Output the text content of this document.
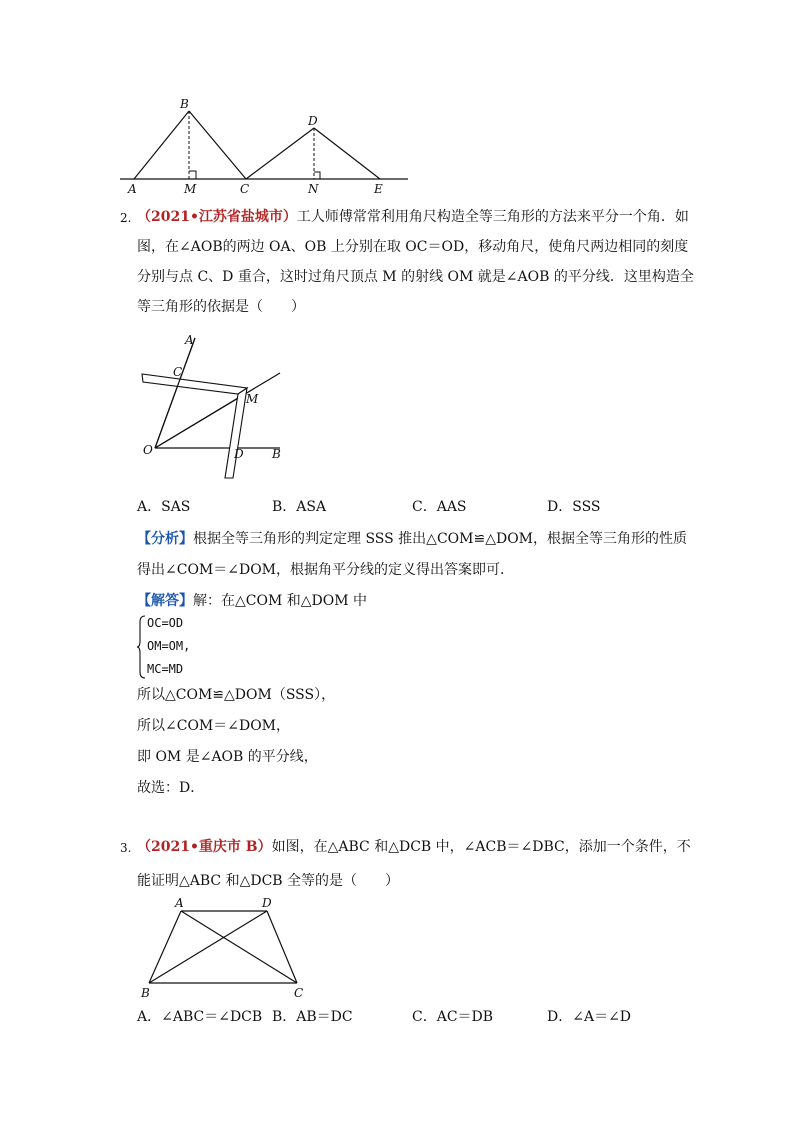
B
D
A	M	C	N	E
2. （2021•江苏省盐城市）工人师傅常常利用角尺构造全等三角形的方法来平分一个角．如
图，在∠AOB的两边 OA、OB 上分别在取 OC＝OD，移动角尺，使角尺两边相同的刻度
分别与点 C、D 重合，这时过角尺顶点 M 的射线 OM 就是∠AOB 的平分线．这里构造全
等三角形的依据是（　　）
A
C
M
O	D B
A．SAS	B．ASA	C．AAS	D．SSS
【分析】根据全等三角形的判定定理 SSS 推出△COM≌△DOM，根据全等三角形的性质
得出∠COM＝∠DOM，根据角平分线的定义得出答案即可．
【解答】解：在△COM 和△DOM 中
OC=OD
OM=OM,
MC=MD
所以△COM≌△DOM（SSS），
所以∠COM＝∠DOM，
即 OM 是∠AOB 的平分线，
故选：D．
3. （2021•重庆市 B）如图，在△ABC 和△DCB 中，∠ACB＝∠DBC，添加一个条件，不
能证明△ABC 和△DCB 全等的是（　　）
A	D
B	C
A．∠ABC＝∠DCB B．AB＝DC	C．AC＝DB	D．∠A＝∠D
